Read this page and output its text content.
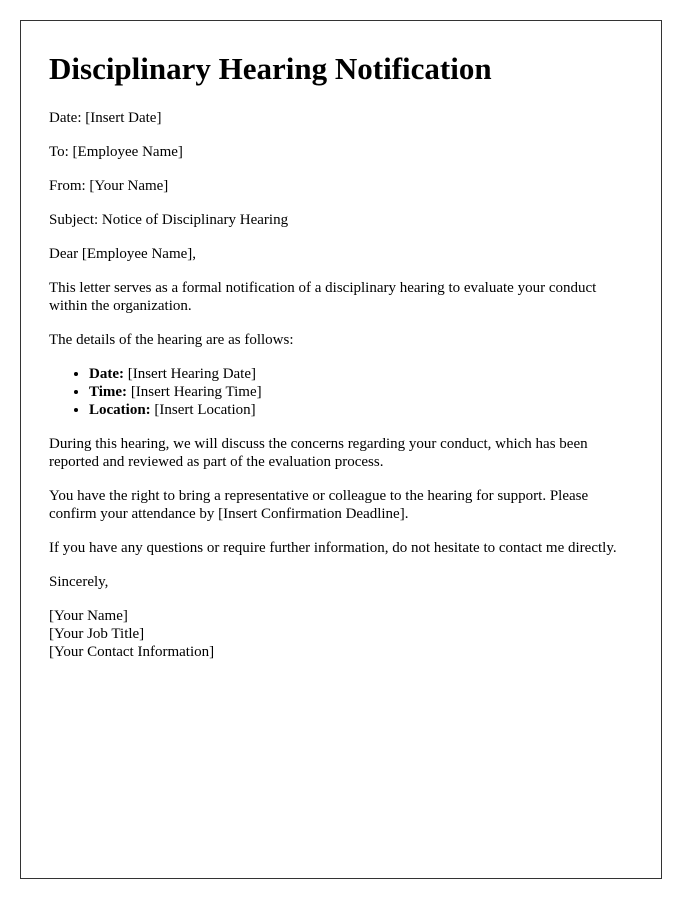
Disciplinary Hearing Notification

Date: [Insert Date]

To: [Employee Name]

From: [Your Name]

Subject: Notice of Disciplinary Hearing

Dear [Employee Name],

This letter serves as a formal notification of a disciplinary hearing to evaluate your conduct within the organization.

The details of the hearing are as follows:

• Date: [Insert Hearing Date]
• Time: [Insert Hearing Time]
• Location: [Insert Location]

During this hearing, we will discuss the concerns regarding your conduct, which has been reported and reviewed as part of the evaluation process.

You have the right to bring a representative or colleague to the hearing for support. Please confirm your attendance by [Insert Confirmation Deadline].

If you have any questions or require further information, do not hesitate to contact me directly.

Sincerely,

[Your Name]
[Your Job Title]
[Your Contact Information]
